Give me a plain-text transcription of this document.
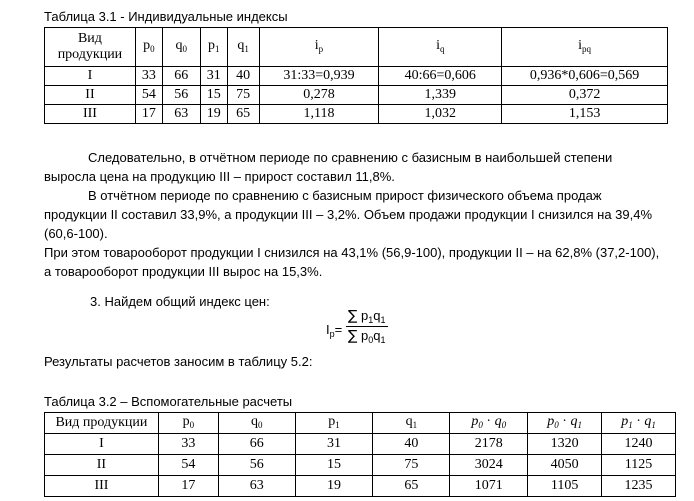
Таблица 3.1 - Индивидуальные индексы
Вид продукции	$p_0$	$q_0$	$p_1$	$q_1$	$i_p$	$i_q$	$i_{pq}$
I	33	66	31	40	31:33=0,939	40:66=0,606	0,936*0,606=0,569
II	54	56	15	75	0,278	1,339	0,372
III	17	63	19	65	1,118	1,032	1,153
Следовательно, в отчётном периоде по сравнению с базисным в наибольшей степени выросла цена на продукцию III – прирост составил 11,8%.
В отчётном периоде по сравнению с базисным прирост физического объема продаж продукции II составил 33,9%, а продукции III – 3,2%. Объем продажи продукции I снизился на 39,4% (60,6-100).
При этом товарооборот продукции I снизился на 43,1% (56,9-100), продукции II – на 62,8% (37,2-100), а товарооборот продукции III вырос на 15,3%.
3. Найдем общий индекс цен:
$I_p= \frac{\sum p_1q_1}{\sum p_0q_1}$
Результаты расчетов заносим в таблицу 5.2:
Таблица 3.2 – Вспомогательные расчеты
Вид продукции	$p_0$	$q_0$	$p_1$	$q_1$	$p_0 \cdot q_0$	$p_0 \cdot q_1$	$p_1 \cdot q_1$
I	33	66	31	40	2178	1320	1240
II	54	56	15	75	3024	4050	1125
III	17	63	19	65	1071	1105	1235
